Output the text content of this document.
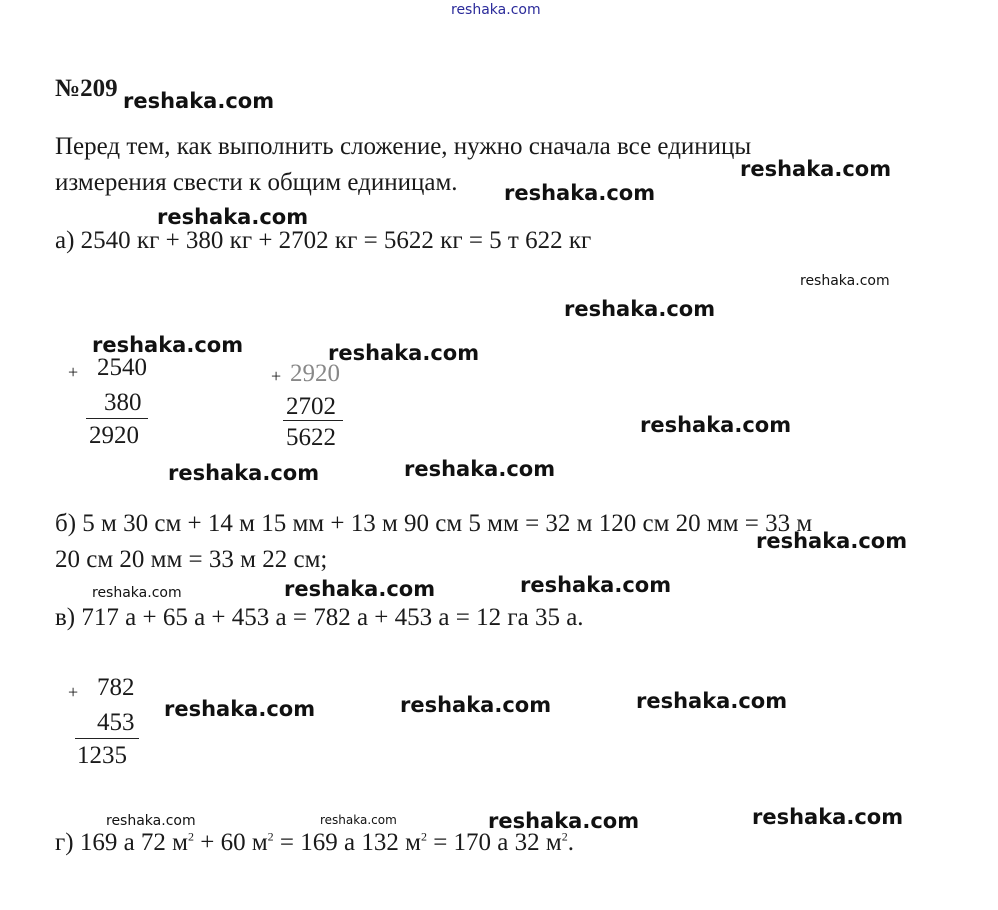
reshaka.com
№209
Перед тем, как выполнить сложение, нужно сначала все единицы
измерения свести к общим единицам.
а) 2540 кг + 380 кг + 2702 кг = 5622 кг = 5 т 622 кг
+ 2540
380
2920
+ 2920
2702
5622
б) 5 м 30 см + 14 м 15 мм + 13 м 90 см 5 мм = 32 м 120 см 20 мм = 33 м
20 см 20 мм = 33 м 22 см;
в) 717 а + 65 а + 453 а = 782 а + 453 а = 12 га 35 а.
+ 782
453
1235
г) 169 а 72 $м^2 + 60$ $м^2 = 169$ а 132 $м^2 = 170$ а 32 $м^2$.
reshaka.com
reshaka.com
reshaka.com
reshaka.com
reshaka.com
reshaka.com
reshaka.com	reshaka.com
reshaka.com
reshaka.com
reshaka.com
reshaka.com
reshaka.com
reshaka.com
reshaka.com
reshaka.com
reshaka.com
reshaka.com
reshaka.com
reshaka.com
reshaka.com	reshaka.com
